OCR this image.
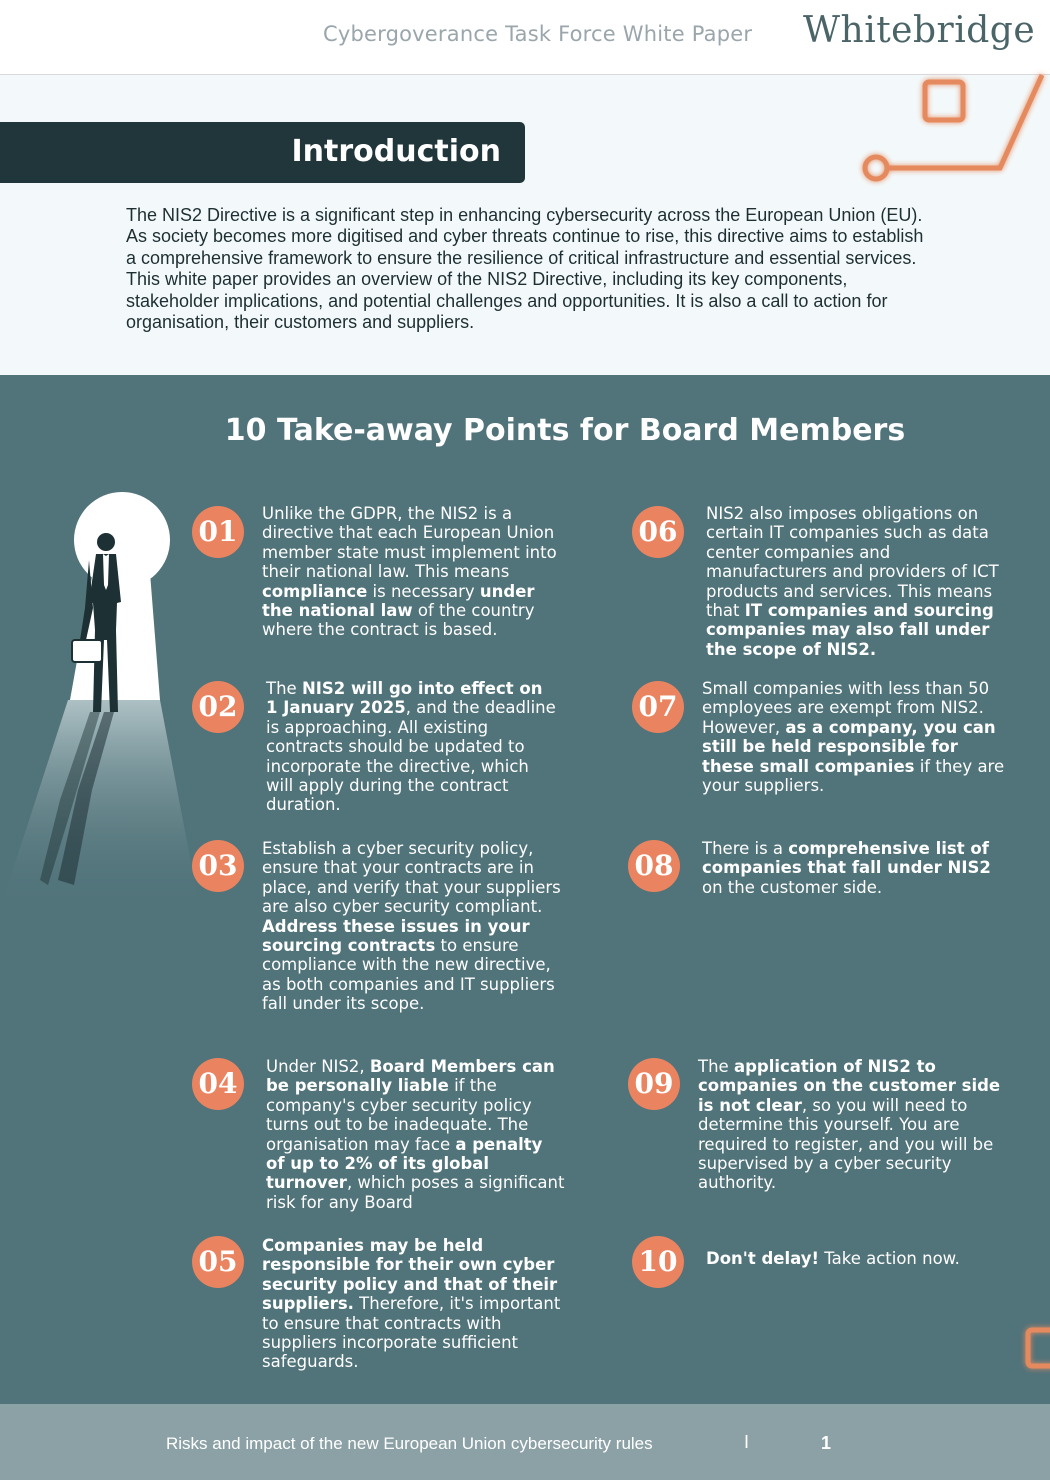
Cybergoverance Task Force White Paper Whitebridge
Introduction
The NIS2 Directive is a significant step in enhancing cybersecurity across the European Union (EU). As society becomes more digitised and cyber threats continue to rise, this directive aims to establish a comprehensive framework to ensure the resilience of critical infrastructure and essential services. This white paper provides an overview of the NIS2 Directive, including its key components, stakeholder implications, and potential challenges and opportunities. It is also a call to action for organisation, their customers and suppliers.
10 Take-away Points for Board Members
01
Unlike the GDPR, the NIS2 is a directive that each European Union member state must implement into their national law. This means compliance is necessary under the national law of the country where the contract is based.
02
The NIS2 will go into effect on 1 January 2025, and the deadline is approaching. All existing contracts should be updated to incorporate the directive, which will apply during the contract duration.
03
Establish a cyber security policy, ensure that your contracts are in place, and verify that your suppliers are also cyber security compliant. Address these issues in your sourcing contracts to ensure compliance with the new directive, as both companies and IT suppliers fall under its scope.
04
Under NIS2, Board Members can be personally liable if the company's cyber security policy turns out to be inadequate. The organisation may face a penalty of up to 2% of its global turnover, which poses a significant risk for any Board
05	Companies may be held responsible for their own cyber security policy and that of their suppliers. Therefore, it's important to ensure that contracts with suppliers incorporate sufficient safeguards.
06
NIS2 also imposes obligations on certain IT companies such as data center companies and manufacturers and providers of ICT products and services. This means that IT companies and sourcing companies may also fall under the scope of NIS2.
07
Small companies with less than 50 employees are exempt from NIS2. However, as a company, you can still be held responsible for these small companies if they are your suppliers.
08
There is a comprehensive list of companies that fall under NIS2 on the customer side.
09
The application of NIS2 to companies on the customer side is not clear, so you will need to determine this yourself. You are required to register, and you will be supervised by a cyber security authority.
10	Don't delay! Take action now.
Risks and impact of the new European Union cybersecurity rules	I	1
